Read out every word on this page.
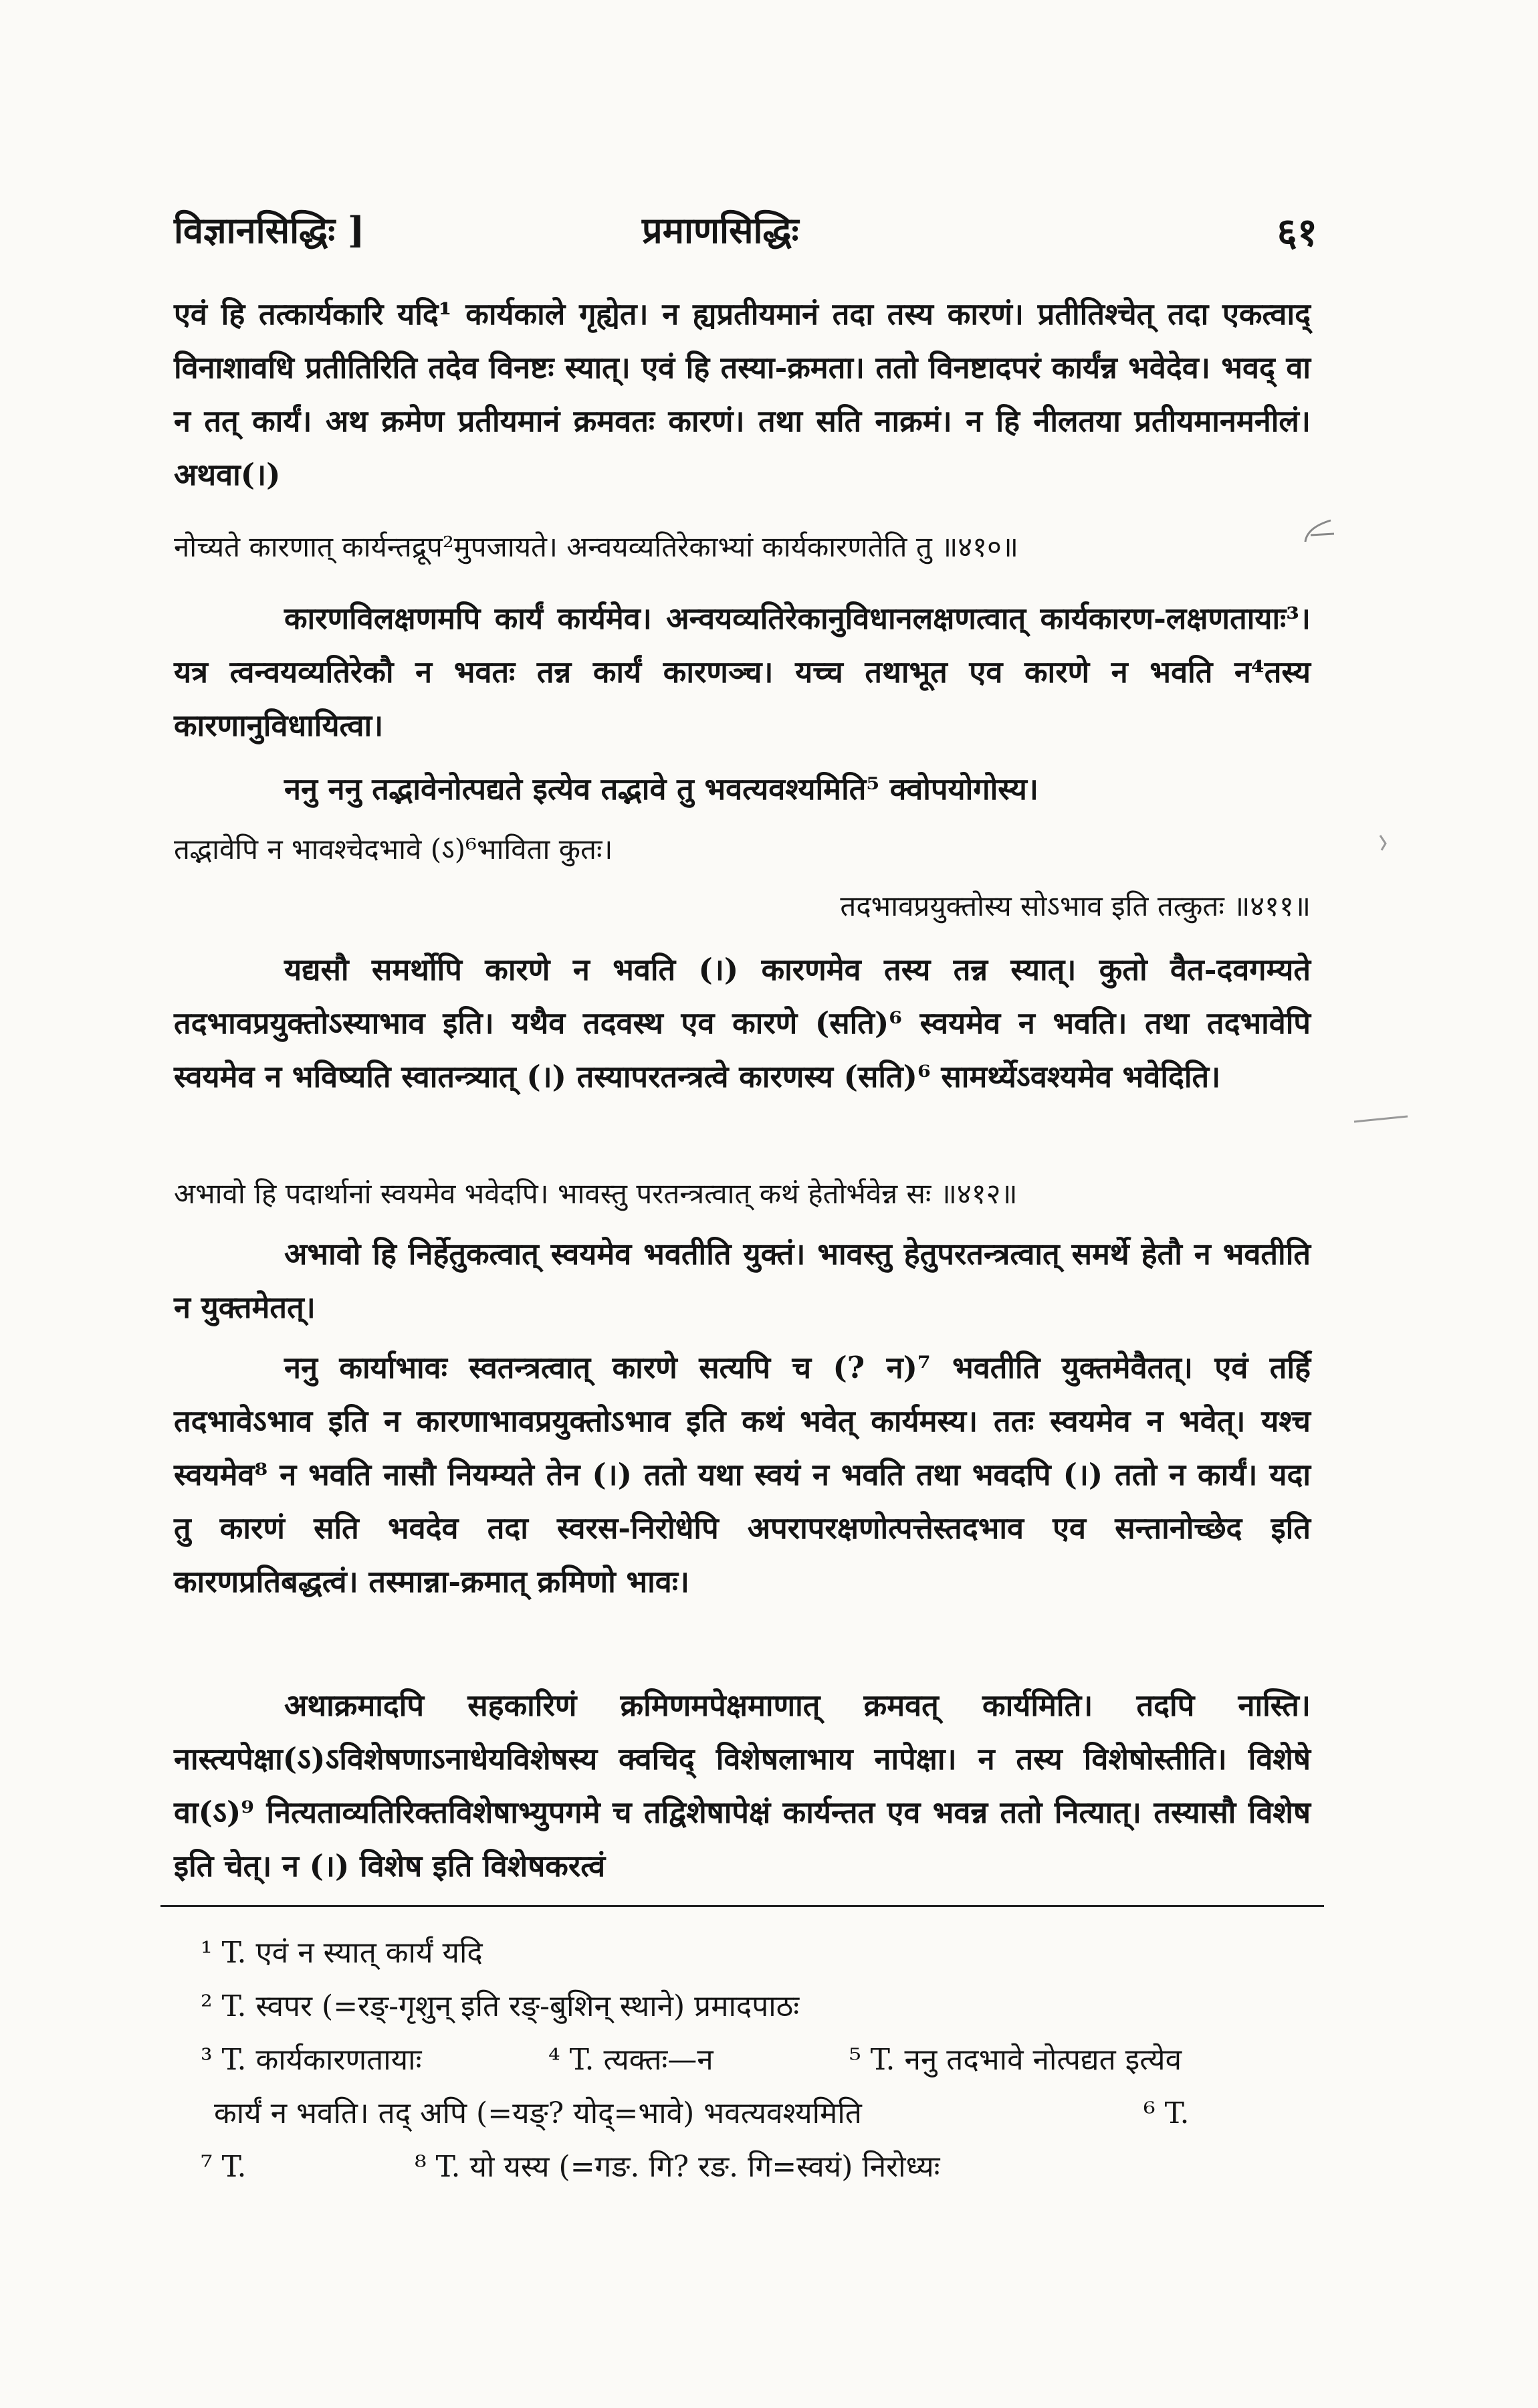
विज्ञानसिद्धिः ]	प्रमाणसिद्धिः	६१
एवं हि तत्कार्यकारि यदि¹ कार्यकाले गृह्येत। न ह्यप्रतीयमानं तदा तस्य कारणं। प्रतीतिश्चेत् तदा एकत्वाद् विनाशावधि प्रतीतिरिति तदेव विनष्टः स्यात्। एवं हि तस्या-क्रमता। ततो विनष्टादपरं कार्यंन्न भवेदेव। भवद् वा न तत् कार्यं। अथ क्रमेण प्रतीयमानं क्रमवतः कारणं। तथा सति नाक्रमं। न हि नीलतया प्रतीयमानमनीलं। अथवा(।)
नोच्यते कारणात् कार्यन्तद्रूप²मुपजायते। अन्वयव्यतिरेकाभ्यां कार्यकारणतेति तु ॥४१०॥
कारणविलक्षणमपि कार्यं कार्यमेव। अन्वयव्यतिरेकानुविधानलक्षणत्वात् कार्यकारण-लक्षणतायाः³। यत्र त्वन्वयव्यतिरेकौ न भवतः तन्न कार्यं कारणञ्च। यच्च तथाभूत एव कारणे न भवति न⁴तस्य कारणानुविधायित्वा।
ननु ननु तद्भावेनोत्पद्यते इत्येव तद्भावे तु भवत्यवश्यमिति⁵ क्वोपयोगोस्य।
तद्भावेपि न भावश्चेदभावे (ऽ)⁶भाविता कुतः।
तदभावप्रयुक्तोस्य सोऽभाव इति तत्कुतः ॥४११॥
यद्यसौ समर्थोपि कारणे न भवति (।) कारणमेव तस्य तन्न स्यात्। कुतो वैत-दवगम्यते तदभावप्रयुक्तोऽस्याभाव इति। यथैव तदवस्थ एव कारणे (सति)⁶ स्वयमेव न भवति। तथा तदभावेपि स्वयमेव न भविष्यति स्वातन्त्र्यात् (।) तस्यापरतन्त्रत्वे कारणस्य (सति)⁶ सामर्थ्येऽवश्यमेव भवेदिति।
अभावो हि पदार्थानां स्वयमेव भवेदपि। भावस्तु परतन्त्रत्वात् कथं हेतोर्भवेन्न सः ॥४१२॥
अभावो हि निर्हेतुकत्वात् स्वयमेव भवतीति युक्तं। भावस्तु हेतुपरतन्त्रत्वात् समर्थे हेतौ न भवतीति न युक्तमेतत्।
ननु कार्याभावः स्वतन्त्रत्वात् कारणे सत्यपि च (? न)⁷ भवतीति युक्तमेवैतत्। एवं तर्हि तदभावेऽभाव इति न कारणाभावप्रयुक्तोऽभाव इति कथं भवेत् कार्यमस्य। ततः स्वयमेव न भवेत्। यश्च स्वयमेव⁸ न भवति नासौ नियम्यते तेन (।) ततो यथा स्वयं न भवति तथा भवदपि (।) ततो न कार्यं। यदा तु कारणं सति भवदेव तदा स्वरस-निरोधेपि अपरापरक्षणोत्पत्तेस्तदभाव एव सन्तानोच्छेद इति कारणप्रतिबद्धत्वं। तस्मान्ना-क्रमात् क्रमिणो भावः।
अथाक्रमादपि सहकारिणं क्रमिणमपेक्षमाणात् क्रमवत् कार्यमिति। तदपि नास्ति। नास्त्यपेक्षा(ऽ)ऽविशेषणाऽनाधेयविशेषस्य क्वचिद् विशेषलाभाय नापेक्षा। न तस्य विशेषोस्तीति। विशेषे वा(ऽ)⁹ नित्यताव्यतिरिक्तविशेषाभ्युपगमे च तद्विशेषापेक्षं कार्यन्तत एव भवन्न ततो नित्यात्। तस्यासौ विशेष इति चेत्। न (।) विशेष इति विशेषकरत्वं
¹ T. एवं न स्यात् कार्यं यदि
² T. स्वपर (=रङ्-गृशुन् इति रङ्-बुशिन् स्थाने) प्रमादपाठः
³ T. कार्यकारणतायाः	⁴ T. त्यक्तः—न	⁵ T. ननु तदभावे नोत्पद्यत इत्येव
कार्यं न भवति। तद् अपि (=यङ्? योद्=भावे) भवत्यवश्यमिति	⁶ T.
⁷ T.	⁸ T. यो यस्य (=गङ. गि? रङ. गि=स्वयं) निरोध्यः
